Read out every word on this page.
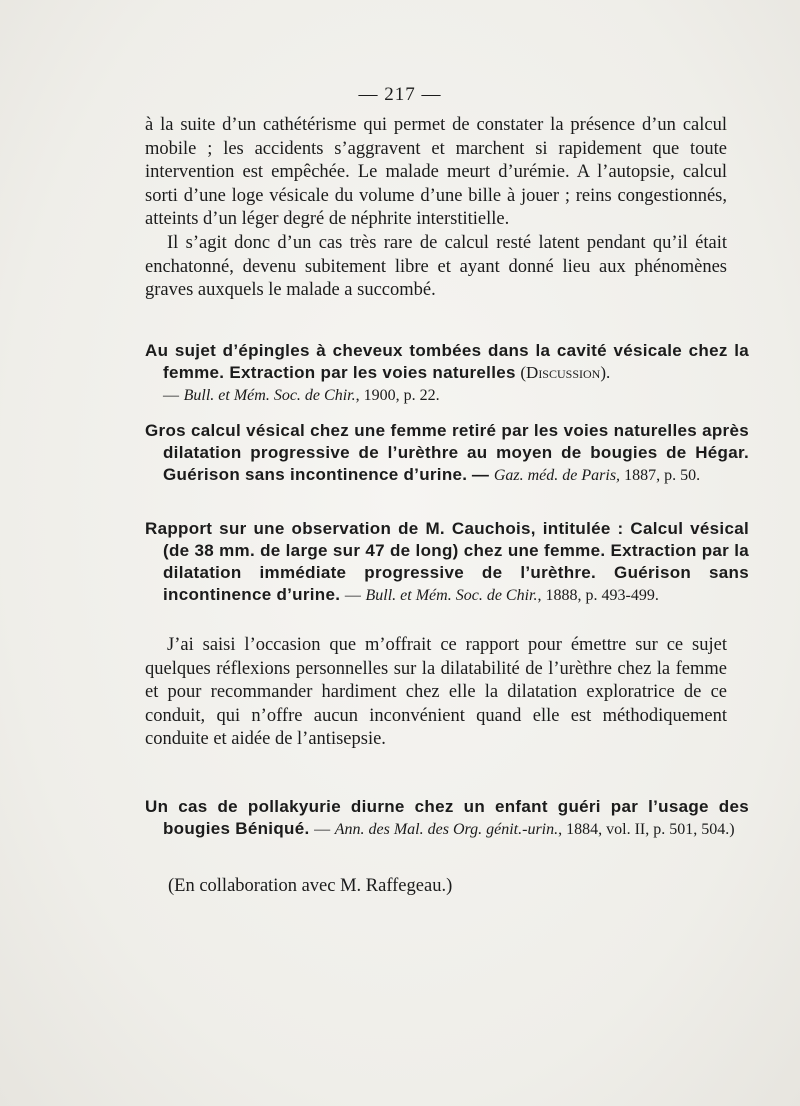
— 217 —

à la suite d’un cathétérisme qui permet de constater la présence d’un calcul mobile ; les accidents s’aggravent et marchent si rapidement que toute intervention est empêchée. Le malade meurt d’urémie. A l’autopsie, calcul sorti d’une loge vésicale du volume d’une bille à jouer ; reins congestionnés, atteints d’un léger degré de néphrite interstitielle.

Il s’agit donc d’un cas très rare de calcul resté latent pendant qu’il était enchatonné, devenu subitement libre et ayant donné lieu aux phénomènes graves auxquels le malade a succombé.

Au sujet d’épingles à cheveux tombées dans la cavité vésicale chez la femme. Extraction par les voies naturelles (Discussion).
— Bull. et Mém. Soc. de Chir., 1900, p. 22.

Gros calcul vésical chez une femme retiré par les voies naturelles après dilatation progressive de l’urèthre au moyen de bougies de Hégar. Guérison sans incontinence d’urine. — Gaz. méd. de Paris, 1887, p. 50.

Rapport sur une observation de M. Cauchois, intitulée : Calcul vésical (de 38 mm. de large sur 47 de long) chez une femme. Extraction par la dilatation immédiate progressive de l’urèthre. Guérison sans incontinence d’urine. — Bull. et Mém. Soc. de Chir., 1888, p. 493-499.

J’ai saisi l’occasion que m’offrait ce rapport pour émettre sur ce sujet quelques réflexions personnelles sur la dilatabilité de l’urèthre chez la femme et pour recommander hardiment chez elle la dilatation exploratrice de ce conduit, qui n’offre aucun inconvénient quand elle est méthodiquement conduite et aidée de l’antisepsie.

Un cas de pollakyurie diurne chez un enfant guéri par l’usage des bougies Béniqué. — Ann. des Mal. des Org. génit.-urin., 1884, vol. II, p. 501, 504.)

(En collaboration avec M. Raffegeau.)
